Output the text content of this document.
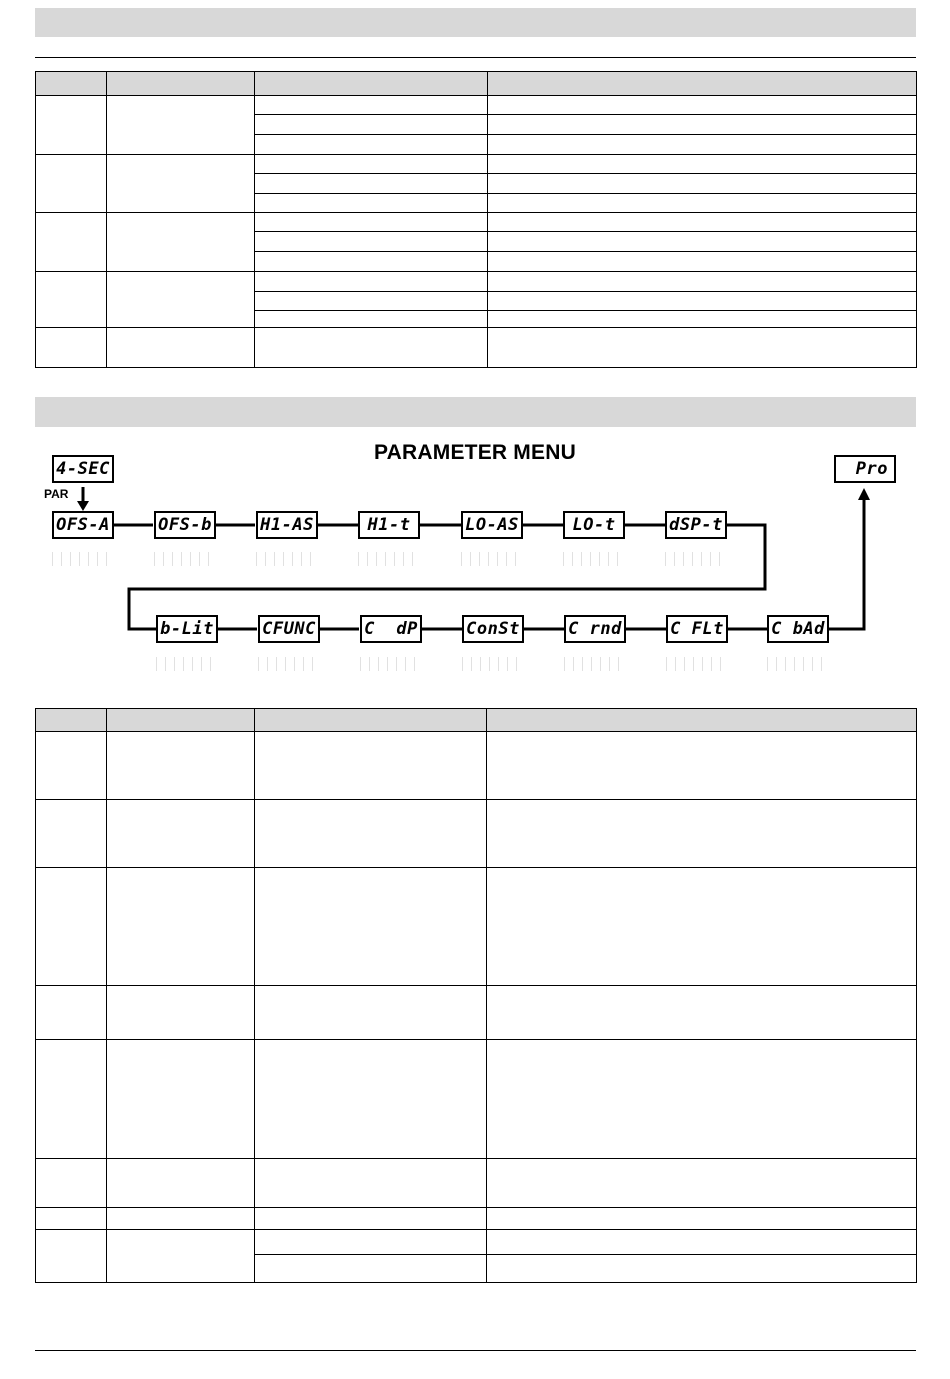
PARAMETER MENU
PAR
4-SEC	Pro
OFS-A	OFS-b	H1-AS	H1-t	LO-AS	LO-t	dSP-t
b-Lit	CFUNC	C  dP	ConSt	C rnd	C FLt	C bAd
